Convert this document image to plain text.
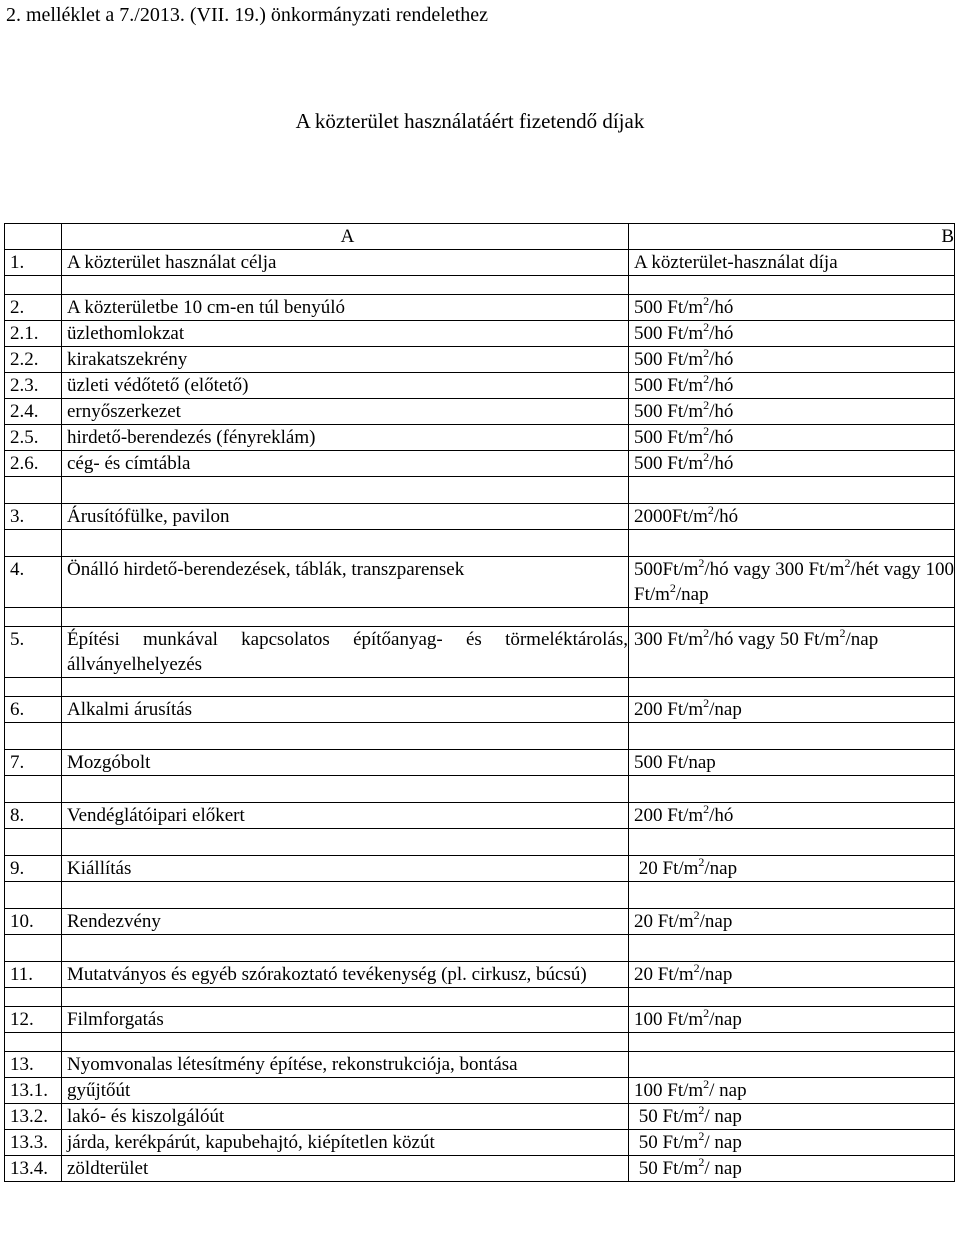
2. melléklet a 7./2013. (VII. 19.) önkormányzati rendelethez
A közterület használatáért fizetendő díjak
	A	B
1.	A közterület használat célja	A közterület-használat díja

2.	A közterületbe 10 cm-en túl benyúló	500 $Ft/m^2/hó$
2.1.	üzlethomlokzat	500 $Ft/m^2/hó$
2.2.	kirakatszekrény	500 $Ft/m^2/hó$
2.3.	üzleti védőtető (előtető)	500 $Ft/m^2/hó$
2.4.	ernyőszerkezet	500 $Ft/m^2/hó$
2.5.	hirdető-berendezés (fényreklám)	500 $Ft/m^2/hó$
2.6.	cég- és címtábla	500 $Ft/m^2/hó$

3.	Árusítófülke, pavilon	$2000Ft/m^2/hó$

4.	Önálló hirdető-berendezések, táblák, transzparensek	$500Ft/m^2/hó$ vagy 300 $Ft/m^2$/hét vagy 100 $Ft/m^2$/nap

5.	Építési munkával kapcsolatos építőanyag- és törmeléktárolás, állványelhelyezés	300 $Ft/m^2/hó$ vagy 50 $Ft/m^2$/nap

6.	Alkalmi árusítás	200 $Ft/m^2$/nap

7.	Mozgóbolt	500 Ft/nap

8.	Vendéglátóipari előkert	200 $Ft/m^2/hó$

9.	Kiállítás	20 $Ft/m^2$/nap

10.	Rendezvény	20 $Ft/m^2$/nap

11.	Mutatványos és egyéb szórakoztató tevékenység (pl. cirkusz, búcsú)	20 $Ft/m^2$/nap

12.	Filmforgatás	100 $Ft/m^2$/nap

13.	Nyomvonalas létesítmény építése, rekonstrukciója, bontása	
13.1.	gyűjtőút	100 $Ft/m^2/$ nap
13.2.	lakó- és kiszolgálóút	50 $Ft/m^2/$ nap
13.3.	járda, kerékpárút, kapubehajtó, kiépítetlen közút	50 $Ft/m^2/$ nap
13.4.	zöldterület	50 $Ft/m^2/$ nap
